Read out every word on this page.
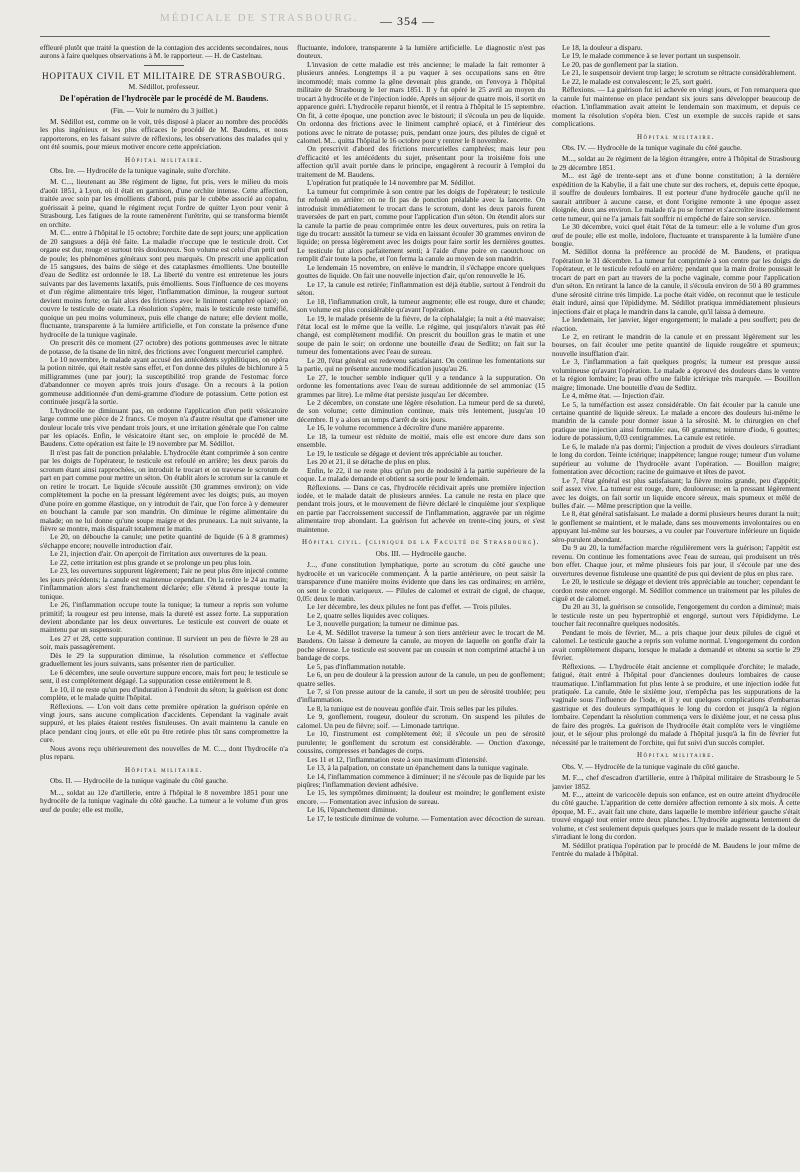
MÉDICALE DE STRASBOURG. — 354 —

effleuré plutôt que traité la question de la contagion des accidents secondaires, nous aurons à faire quelques observations à M. le rapporteur. — H. de Castelnau.

HOPITAUX CIVIL ET MILITAIRE DE STRASBOURG.
M. Sédillot, professeur.
De l'opération de l'hydrocèle par le procédé de M. Baudens.
(Fin. — Voir le numéro du 3 juillet.)

M. Sédillot est, comme on le voit, très disposé à placer au nombre des procédés les plus ingénieux et les plus efficaces le procédé de M. Baudens, et nous rapporterons, en les faisant suivre de réflexions, les observations des malades qui y ont été soumis, pour mieux motiver encore cette appréciation.

Hôpital militaire.

Obs. Ire. — Hydrocèle de la tunique vaginale, suite d'orchite.

M. C..., lieutenant au 38e régiment de ligne, fut pris, vers le milieu du mois d'août 1851, à Lyon, où il était en garnison, d'une orchite intense. Cette affection, traitée avec soin par les émollients d'abord, puis par le cubèbe associé au copahu, guérissait à peine, quand le régiment reçut l'ordre de quitter Lyon pour venir à Strasbourg. Les fatigues de la route ramenèrent l'urétrite, qui se transforma bientôt en orchite.

M. C... entre à l'hôpital le 15 octobre; l'orchite date de sept jours; une application de 20 sangsues a déjà été faite. La maladie n'occupe que le testicule droit. Cet organe est dur, rouge et surtout très douloureux. Son volume est celui d'un petit œuf de poule; les phénomènes généraux sont peu marqués. On prescrit une application de 15 sangsues, des bains de siège et des cataplasmes émollients. Une bouteille d'eau de Sedlitz est ordonnée le 18. La liberté du ventre est entretenue les jours suivants par des lavements laxatifs, puis émollients. Sous l'influence de ces moyens et d'un régime alimentaire très léger, l'inflammation diminue, la rougeur surtout devient moins forte; on fait alors des frictions avec le liniment camphré opiacé; on couvre le testicule de ouate. La résolution s'opère, mais le testicule reste tuméfié, quoique un peu moins volumineux, puis elle change de nature; elle devient molle, fluctuante, transparente à la lumière artificielle, et l'on constate la présence d'une hydrocèle de la tunique vaginale.

On prescrit dès ce moment (27 octobre) des potions gommeuses avec le nitrate de potasse, de la tisane de lin nitré, des frictions avec l'onguent mercuriel camphré.

Le 10 novembre, le malade ayant accusé des antécédents syphilitiques, on opéra la potion nitrée, qui était restée sans effet, et l'on donne des pilules de bichlorure à 5 milligrammes (une par jour); la susceptibilité trop grande de l'estomac force d'abandonner ce moyen après trois jours d'usage. On a recours à la potion gommeuse additionnée d'un demi-gramme d'iodure de potassium. Cette potion est continuée jusqu'à la sortie.

L'hydrocèle ne diminuant pas, on ordonne l'application d'un petit vésicatoire large comme une pièce de 2 francs. Ce moyen n'a d'autre résultat que d'amener une douleur locale très vive pendant trois jours, et une irritation générale que l'on calme par les opiacés. Enfin, le vésicatoire étant sec, on emploie le procédé de M. Baudens. Cette opération est faite le 19 novembre par M. Sédillot.

Il n'est pas fait de ponction préalable. L'hydrocèle étant comprimée à son centre par les doigts de l'opérateur, le testicule est refoulé en arrière; les deux parois du scrotum étant ainsi rapprochées, on introduit le trocart et on traverse le scrotum de part en part comme pour mettre un séton. On établit alors le scrotum sur la canule et on retire le trocart. Le liquide s'écoule aussitôt (30 grammes environ); on vide complètement la poche en la pressant légèrement avec les doigts; puis, au moyen d'une poire en gomme élastique, on y introduit de l'air, que l'on force à y demeurer en bouchant la canule par son mandrin. On diminue le régime alimentaire du malade; on ne lui donne qu'une soupe maigre et des pruneaux. La nuit suivante, la fièvre se montre, mais disparaît totalement le matin.

Le 20, on débouche la canule; une petite quantité de liquide (6 à 8 grammes) s'échappe encore; nouvelle introduction d'air.

Le 21, injection d'air. On aperçoit de l'irritation aux ouvertures de la peau.

Le 22, cette irritation est plus grande et se prolonge un peu plus loin.

Le 23, les ouvertures suppurent légèrement; l'air ne peut plus être injecté comme les jours précédents; la canule est maintenue cependant. On la retire le 24 au matin; l'inflammation alors s'est franchement déclarée; elle s'étend à presque toute la tunique.

Le 26, l'inflammation occupe toute la tunique; la tumeur a repris son volume primitif; la rougeur est peu intense, mais la dureté est assez forte. La suppuration devient abondante par les deux ouvertures. Le testicule est couvert de ouate et maintenu par un suspensoir.

Les 27 et 28, cette suppuration continue. Il survient un peu de fièvre le 28 au soir, mais passagèrement.

Dès le 29 la suppuration diminue, la résolution commence et s'effectue graduellement les jours suivants, sans présenter rien de particulier.

Le 6 décembre, une seule ouverture suppure encore, mais fort peu; le testicule se sent, il est complètement dégagé. La suppuration cesse entièrement le 8.

Le 10, il ne reste qu'un peu d'induration à l'endroit du séton; la guérison est donc complète, et le malade quitte l'hôpital.

Réflexions. — L'on voit dans cette première opération la guérison opérée en vingt jours, sans aucune complication d'accidents. Cependant la vaginale avait suppuré, et les plaies étaient restées fistuleuses. On avait maintenu la canule en place pendant cinq jours, et elle eût pu être retirée plus tôt sans compromettre la cure.

Nous avons reçu ultérieurement des nouvelles de M. C..., dont l'hydrocèle n'a plus reparu.

Hôpital militaire.

Obs. II. — Hydrocèle de la tunique vaginale du côté gauche.

M..., soldat au 12e d'artillerie, entre à l'hôpital le 8 novembre 1851 pour une hydrocèle de la tunique vaginale du côté gauche. La tumeur a le volume d'un gros œuf de poule; elle est molle,

fluctuante, indolore, transparente à la lumière artificielle. Le diagnostic n'est pas douteux.

L'invasion de cette maladie est très ancienne; le malade la fait remonter à plusieurs années. Longtemps il a pu vaquer à ses occupations sans en être incommodé; mais comme la gêne devenait plus grande, on l'envoya à l'hôpital militaire de Strasbourg le 1er mars 1851. Il y fut opéré le 25 avril au moyen du trocart à hydrocèle et de l'injection iodée. Après un séjour de quatre mois, il sortit en apparence guéri. L'hydrocèle reparut bientôt, et il rentra à l'hôpital le 15 septembre. On fit, à cette époque, une ponction avec le bistouri; il s'écoula un peu de liquide. On ordonna des frictions avec le liniment camphré opiacé, et à l'intérieur des potions avec le nitrate de potasse; puis, pendant onze jours, des pilules de ciguë et calomel. M... quitta l'hôpital le 16 octobre pour y rentrer le 8 novembre.

On prescrivit d'abord des frictions mercurielles camphrées; mais leur peu d'efficacité et les antécédents du sujet, présentant pour la troisième fois une affection qu'il avait portée dans le principe, engagèrent à recourir à l'emploi du traitement de M. Baudens.

L'opération fut pratiquée le 14 novembre par M. Sédillot.

La tumeur fut comprimée à son centre par les doigts de l'opérateur; le testicule fut refoulé en arrière: on ne fit pas de ponction préalable avec la lancette. On introduisit immédiatement le trocart dans le scrotum, dont les deux parois furent traversées de part en part, comme pour l'application d'un séton. On étendit alors sur la canule la partie de peau comprimée entre les deux ouvertures, puis on retira la tige du trocart: aussitôt la tumeur se vida en laissant écouler 30 grammes environ de liquide; on pressa légèrement avec les doigts pour faire sortir les dernières gouttes. Le testicule fut alors parfaitement senti; à l'aide d'une poire en caoutchouc on remplit d'air toute la poche, et l'on ferma la canule au moyen de son mandrin.

Le lendemain 15 novembre, on enlève le mandrin, il s'échappe encore quelques gouttes de liquide. On fait une nouvelle injection d'air, qu'on renouvelle le 16.

Le 17, la canule est retirée; l'inflammation est déjà établie, surtout à l'endroit du séton.

Le 18, l'inflammation croît, la tumeur augmente; elle est rouge, dure et chaude; son volume est plus considérable qu'avant l'opération.

Le 19, le malade présente de la fièvre, de la céphalalgie; la nuit a été mauvaise; l'état local est le même que la veille. Le régime, qui jusqu'alors n'avait pas été changé, est complètement modifié. On prescrit du bouillon gras le matin et une soupe de pain le soir; on ordonne une bouteille d'eau de Sedlitz; on fait sur la tumeur des fomentations avec l'eau de sureau.

Le 20, l'état général est redevenu satisfaisant. On continue les fomentations sur la partie, qui ne présente aucune modification jusqu'au 26.

Le 27, le toucher semble indiquer qu'il y a tendance à la suppuration. On ordonne les fomentations avec l'eau de sureau additionnée de sel ammoniac (15 grammes par litre). Le même état persiste jusqu'au 1er décembre.

Le 2 décembre, on constate une légère résolution. La tumeur perd de sa dureté, de son volume; cette diminution continue, mais très lentement, jusqu'au 10 décembre. Il y a alors un temps d'arrêt de six jours.

Le 16, le volume recommence à décroître d'une manière apparente.

Le 18, la tumeur est réduite de moitié, mais elle est encore dure dans son ensemble.

Le 19, le testicule se dégage et devient très appréciable au toucher.

Les 20 et 21, il se détache de plus en plus.

Enfin, le 22, il ne reste plus qu'un peu de nodosité à la partie supérieure de la coque. Le malade demande et obtient sa sortie pour le lendemain.

Réflexions. — Dans ce cas, l'hydrocèle récidivait après une première injection iodée, et le malade datait de plusieurs années. La canule ne resta en place que pendant trois jours, et le mouvement de fièvre déclaré le cinquième jour s'explique en partie par l'accroissement successif de l'inflammation, aggravée par un régime alimentaire trop abondant. La guérison fut achevée en trente-cinq jours, et s'est maintenue.

Hôpital civil. (clinique de la Faculté de Strasbourg).

Obs. III. — Hydrocèle gauche.

J..., d'une constitution lymphatique, porte au scrotum du côté gauche une hydrocèle et un varicocèle commençant. À la partie antérieure, on peut saisir la transparence d'une manière moins évidente que dans les cas ordinaires; en arrière, on sent le cordon variqueux. — Pilules de calomel et extrait de ciguë, de chaque, 0,05: deux le matin.

Le 1er décembre, les deux pilules ne font pas d'effet. — Trois pilules.

Le 2, quatre selles liquides avec coliques.

Le 3, nouvelle purgation; la tumeur ne diminue pas.

Le 4, M. Sédillot traverse la tumeur à son tiers antérieur avec le trocart de M. Baudens. On laisse à demeure la canule, au moyen de laquelle on gonfle d'air la poche séreuse. Le testicule est souvent par un coussin et non comprimé attaché à un bandage de corps.

Le 5, pas d'inflammation notable.

Le 6, un peu de douleur à la pression autour de la canule, un peu de gonflement; quatre selles.

Le 7, si l'on presse autour de la canule, il sort un peu de sérosité troublée; peu d'inflammation.

Le 8, la tunique est de nouveau gonflée d'air. Trois selles par les pilules.

Le 9, gonflement, rougeur, douleur du scrotum. On suspend les pilules de calomel. Un peu de fièvre; soif. — Limonade tartrique.

Le 10, l'instrument est complètement été; il s'écoule un peu de sérosité purulente; le gonflement du scrotum est considérable. — Onction d'axonge, coussins, compresses et bandages de corps.

Les 11 et 12, l'inflammation reste à son maximum d'intensité.

Le 13, à la palpation, on constate un épanchement dans la tunique vaginale.

Le 14, l'inflammation commence à diminuer; il ne s'écoule pas de liquide par les piqûres; l'inflammation devient adhésive.

Le 15, les symptômes diminuent; la douleur est moindre; le gonflement existe encore. — Fomentation avec infusion de sureau.

Le 16, l'épanchement diminue.

Le 17, le testicule diminue de volume. — Fomentation avec décoction de sureau.

Le 18, la douleur a disparu.

Le 19, le malade commence à se lever portant un suspensoir.

Le 20, pas de gonflement par la station.

Le 21, le suspensoir devient trop large; le scrotum se rétracte considérablement.

Le 22, le malade est convalescent; le 25, sort guéri.

Réflexions. — La guérison fut ici achevée en vingt jours, et l'on remarquera que la canule fut maintenue en place pendant six jours sans développer beaucoup de réaction. L'inflammation avait atteint le lendemain son maximum, et depuis ce moment la résolution s'opéra bien. C'est un exemple de succès rapide et sans complications.

Hôpital militaire.

Obs. IV. — Hydrocèle de la tunique vaginale du côté gauche.

M..., soldat au 2e régiment de la légion étrangère, entre à l'hôpital de Strasbourg le 29 décembre 1851.

M... est âgé de trente-sept ans et d'une bonne constitution; à la dernière expédition de la Kabylie, il a fait une chute sur des rochers, et, depuis cette époque, il souffre de douleurs lombaires. Il est porteur d'une hydrocèle gauche qu'il ne saurait attribuer à aucune cause, et dont l'origine remonte à une époque assez éloignée, deux ans environ. Le malade n'a pu se former et s'accroître insensiblement cette tumeur, qui ne l'a jamais fait souffrir ni empêché de faire son service.

Le 30 décembre, voici quel était l'état de la tumeur: elle a le volume d'un gros œuf de poule; elle est molle, indolore, fluctuante et transparente à la lumière d'une bougie.

M. Sédillot donna la préférence au procédé de M. Baudens, et pratiqua l'opération le 31 décembre. La tumeur fut comprimée à son centre par les doigts de l'opérateur, et le testicule refoulé en arrière; pendant que la main droite poussait le trocart de part en part au travers de la poche vaginale, comme pour l'application d'un séton. En retirant la lance de la canule, il s'écoula environ de 50 à 80 grammes d'une sérosité citrine très limpide. La poche était vidée, on reconnut que le testicule était induré, ainsi que l'épididyme. M. Sédillot pratiqua immédiatement plusieurs injections d'air et plaça le mandrin dans la canule, qu'il laissa à demeure.

Le lendemain, 1er janvier, léger engorgement; le malade a peu souffert; peu de réaction.

Le 2, en retirant le mandrin de la canule et en pressant légèrement sur les bourses, on fait écouler une petite quantité de liquide rougeâtre et spumeux; nouvelle insufflation d'air.

Le 3, l'inflammation a fait quelques progrès; la tumeur est presque aussi volumineuse qu'avant l'opération. Le malade a éprouvé des douleurs dans le ventre et la région lombaire; la peau offre une faible ictérique très marquée. — Bouillon maigre; limonade. Une bouteille d'eau de Sedlitz.

Le 4, même état. — Injection d'air.

Le 5, la tuméfaction est assez considérable. On fait écouler par la canule une certaine quantité de liquide séreux. Le malade a encore des douleurs lui-même le mandrin de la canule pour donner issue à la sérosité. M. le chirurgien en chef pratique une injection ainsi formulée: eau, 60 grammes; teinture d'iode, 6 gouttes; iodure de potassium, 0,03 centigrammes. La canule est retirée.

Le 6, le malade n'a pas dormi; l'injection a produit de vives douleurs s'irradiant le long du cordon. Teinte ictérique; inappétence; langue rouge; tumeur d'un volume supérieur au volume de l'hydrocèle avant l'opération. — Bouillon maigre; fomentation avec décoction; racine de guimauve et têtes de pavot.

Le 7, l'état général est plus satisfaisant; la fièvre moins grande, peu d'appétit; soif assez vive. La tumeur est rouge, dure, douloureuse; en la pressant légèrement avec les doigts, on fait sortir un liquide encore séreux, mais spumeux et mêlé de bulles d'air. — Même prescription que la veille.

Le 8, état général satisfaisant. Le malade a dormi plusieurs heures durant la nuit; le gonflement se maintient, et le malade, dans ses mouvements involontaires ou en appuyant lui-même sur les bourses, a vu couler par l'ouverture inférieure un liquide séro-purulent abondant.

Du 9 au 20, la tuméfaction marche régulièrement vers la guérison; l'appétit est revenu. On continue les fomentations avec l'eau de sureau, qui produisent un très bon effet. Chaque jour, et même plusieurs fois par jour, il s'écoule par une des ouvertures devenue fistuleuse une quantité de pus qui devient de plus en plus rare.

Le 20, le testicule se dégage et devient très appréciable au toucher; cependant le cordon reste encore engorgé. M. Sédillot commence un traitement par les pilules de ciguë et de calomel.

Du 20 au 31, la guérison se consolide, l'engorgement du cordon a diminué; mais le testicule reste un peu hypertrophié et engorgé, surtout vers l'épididyme. Le toucher fait reconnaître quelques nodosités.

Pendant le mois de février, M... a pris chaque jour deux pilules de ciguë et calomel. Le testicule gauche a repris son volume normal. L'engorgement du cordon avait complètement disparu, lorsque le malade a demandé et obtenu sa sortie le 29 février.

Réflexions. — L'hydrocèle était ancienne et compliquée d'orchite; le malade, fatigué, était entré à l'hôpital pour d'anciennes douleurs lombaires de cause traumatique. L'inflammation fut plus lente à se produire, et une injection iodée fut pratiquée. La canule, ôtée le sixième jour, n'empêcha pas les suppurations de la vaginale sous l'influence de l'iode, et il y eut quelques complications d'embarras gastrique et des douleurs sympathiques le long du cordon et jusqu'à la région lombaire. Cependant la résolution commença vers le dixième jour, et ne cessa plus de faire des progrès. La guérison de l'hydrocèle était complète vers le vingtième jour, et le séjour plus prolongé du malade à l'hôpital jusqu'à la fin de février fut nécessité par le traitement de l'orchite, qui fut suivi d'un succès complet.

Hôpital militaire.

Obs. V. — Hydrocèle de la tunique vaginale du côté gauche.

M. F..., chef d'escadron d'artillerie, entre à l'hôpital militaire de Strasbourg le 5 janvier 1852.

M. F..., atteint de varicocèle depuis son enfance, est en outre atteint d'hydrocèle du côté gauche. L'apparition de cette dernière affection remonte à six mois. À cette époque, M. F... avait fait une chute, dans laquelle le membre inférieur gauche s'était trouvé engagé tout entier entre deux planches. L'hydrocèle augmenta lentement de volume, et c'est seulement depuis quelques jours que le malade ressent de la douleur s'irradiant le long du cordon.

M. Sédillot pratiqua l'opération par le procédé de M. Baudens le jour même de l'entrée du malade à l'hôpital.
